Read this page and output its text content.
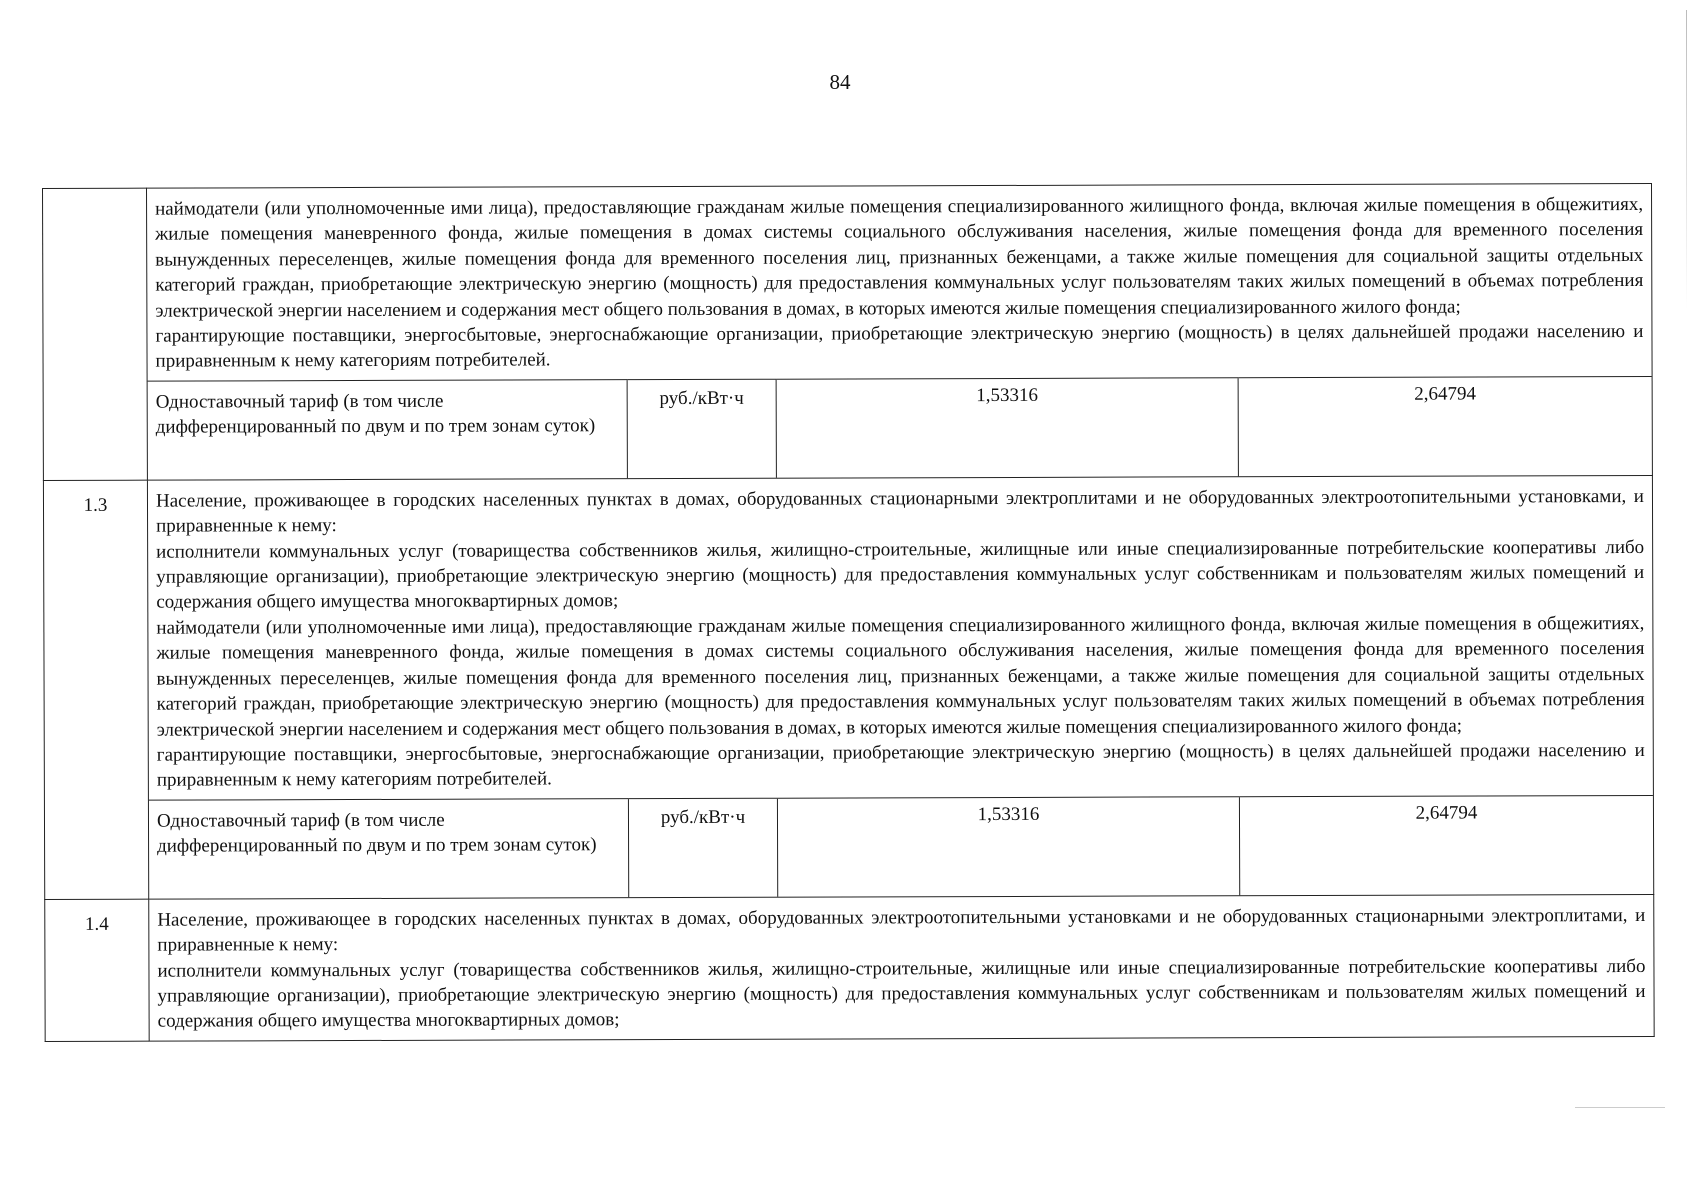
84

наймодатели (или уполномоченные ими лица), предоставляющие гражданам жилые помещения специализированного жилищного фонда, включая жилые помещения в общежитиях, жилые помещения маневренного фонда, жилые помещения в домах системы социального обслуживания населения, жилые помещения фонда для временного поселения вынужденных переселенцев, жилые помещения фонда для временного поселения лиц, признанных беженцами, а также жилые помещения для социальной защиты отдельных категорий граждан, приобретающие электрическую энергию (мощность) для предоставления коммунальных услуг пользователям таких жилых помещений в объемах потребления электрической энергии населением и содержания мест общего пользования в домах, в которых имеются жилые помещения специализированного жилого фонда;

гарантирующие поставщики, энергосбытовые, энергоснабжающие организации, приобретающие электрическую энергию (мощность) в целях дальнейшей продажи населению и приравненным к нему категориям потребителей.

Одноставочный тариф (в том числе дифференцированный по двум и по трем зонам суток)	руб./кВт·ч	1,53316	2,64794

1.3	Население, проживающее в городских населенных пунктах в домах, оборудованных стационарными электроплитами и не оборудованных электроотопительными установками, и приравненные к нему:

исполнители коммунальных услуг (товарищества собственников жилья, жилищно-строительные, жилищные или иные специализированные потребительские кооперативы либо управляющие организации), приобретающие электрическую энергию (мощность) для предоставления коммунальных услуг собственникам и пользователям жилых помещений и содержания общего имущества многоквартирных домов;

наймодатели (или уполномоченные ими лица), предоставляющие гражданам жилые помещения специализированного жилищного фонда, включая жилые помещения в общежитиях, жилые помещения маневренного фонда, жилые помещения в домах системы социального обслуживания населения, жилые помещения фонда для временного поселения вынужденных переселенцев, жилые помещения фонда для временного поселения лиц, признанных беженцами, а также жилые помещения для социальной защиты отдельных категорий граждан, приобретающие электрическую энергию (мощность) для предоставления коммунальных услуг пользователям таких жилых помещений в объемах потребления электрической энергии населением и содержания мест общего пользования в домах, в которых имеются жилые помещения специализированного жилого фонда;

гарантирующие поставщики, энергосбытовые, энергоснабжающие организации, приобретающие электрическую энергию (мощность) в целях дальнейшей продажи населению и приравненным к нему категориям потребителей.

Одноставочный тариф (в том числе дифференцированный по двум и по трем зонам суток)	руб./кВт·ч	1,53316	2,64794

1.4	Население, проживающее в городских населенных пунктах в домах, оборудованных электроотопительными установками и не оборудованных стационарными электроплитами, и приравненные к нему:

исполнители коммунальных услуг (товарищества собственников жилья, жилищно-строительные, жилищные или иные специализированные потребительские кооперативы либо управляющие организации), приобретающие электрическую энергию (мощность) для предоставления коммунальных услуг собственникам и пользователям жилых помещений и содержания общего имущества многоквартирных домов;
